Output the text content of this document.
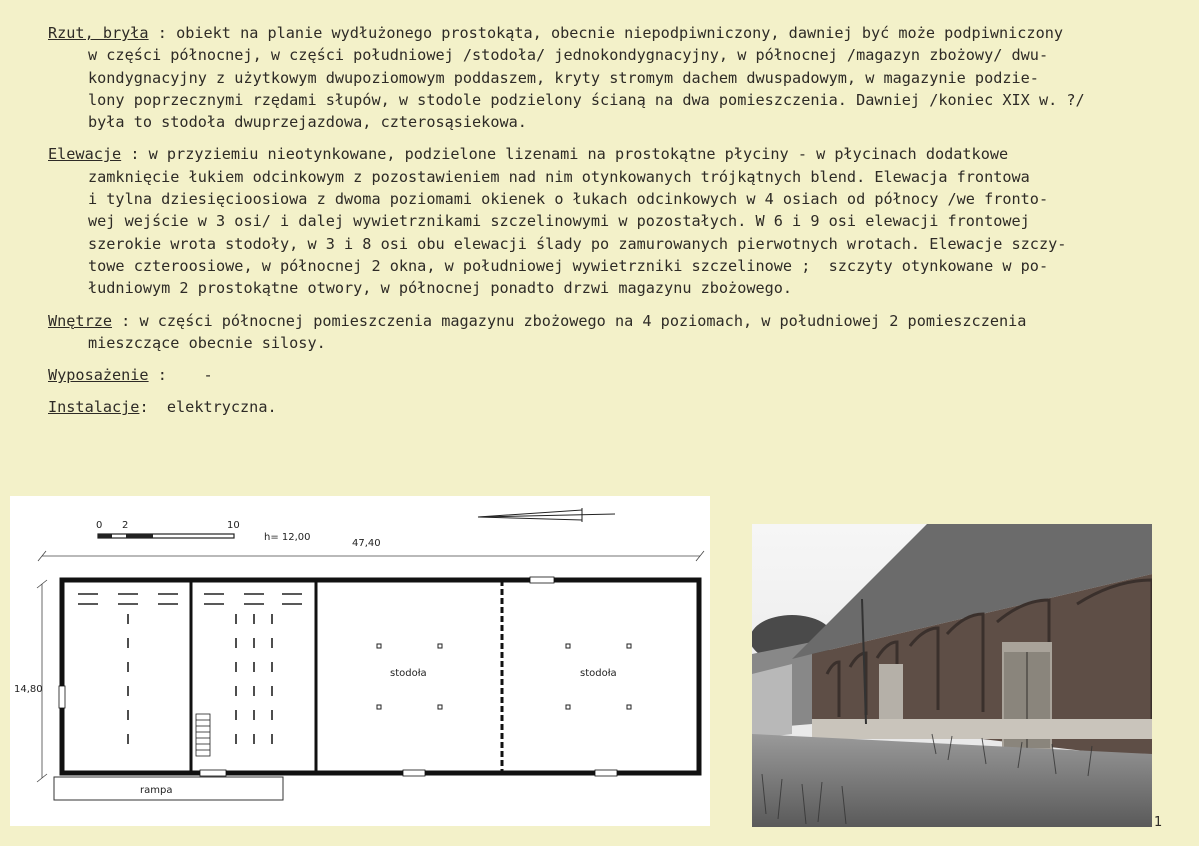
Rzut, bryła : obiekt na planie wydłużonego prostokąta, obecnie niepodpiwniczony, dawniej być może podpiwniczony
w części północnej, w części południowej /stodoła/ jednokondygnacyjny, w północnej /magazyn zbożowy/ dwu-
kondygnacyjny z użytkowym dwupoziomowym poddaszem, kryty stromym dachem dwuspadowym, w magazynie podzie-
lony poprzecznymi rzędami słupów, w stodole podzielony ścianą na dwa pomieszczenia. Dawniej /koniec XIX w. ?/
była to stodoła dwuprzejazdowa, czterosąsiekowa.
Elewacje : w przyziemiu nieotynkowane, podzielone lizenami na prostokątne płyciny - w płycinach dodatkowe
zamknięcie łukiem odcinkowym z pozostawieniem nad nim otynkowanych trójkątnych blend. Elewacja frontowa
i tylna dziesięcioosiowa z dwoma poziomami okienek o łukach odcinkowych w 4 osiach od północy /we fronto-
wej wejście w 3 osi/ i dalej wywietrznikami szczelinowymi w pozostałych. W 6 i 9 osi elewacji frontowej
szerokie wrota stodoły, w 3 i 8 osi obu elewacji ślady po zamurowanych pierwotnych wrotach. Elewacje szczy-
towe czteroosiowe, w północnej 2 okna, w południowej wywietrzniki szczelinowe ;  szczyty otynkowane w po-
łudniowym 2 prostokątne otwory, w północnej ponadto drzwi magazynu zbożowego.
Wnętrze : w części północnej pomieszczenia magazynu zbożowego na 4 poziomach, w południowej 2 pomieszczenia
mieszczące obecnie silosy.
Wyposażenie : -
Instalacje: elektryczna.
0 2	10
h= 12,00
47,40
14,80
stodoła	stodoła
rampa
1
